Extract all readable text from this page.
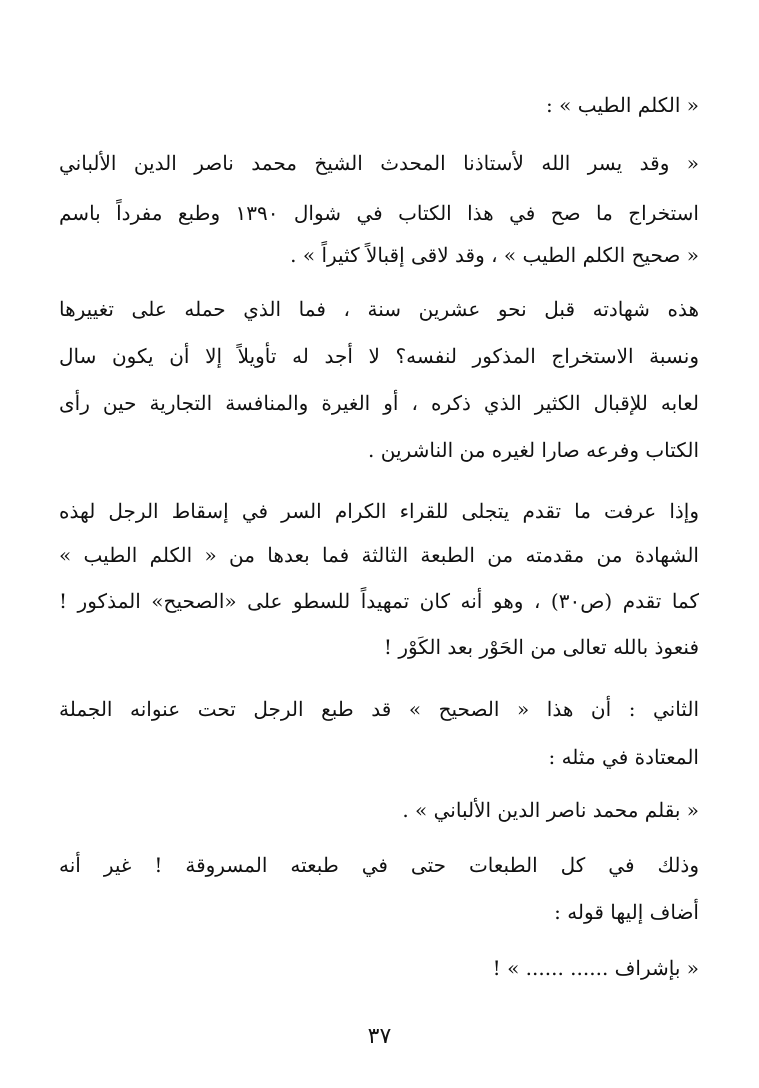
« الكلم الطيب » :
« وقد يسر الله لأستاذنا المحدث الشيخ محمد ناصر الدين الألباني
استخراج ما صح في هذا الكتاب في شوال ١٣٩٠ وطبع مفرداً باسم
« صحيح الكلم الطيب » ، وقد لاقى إقبالاً كثيراً » .
هذه شهادته قبل نحو عشرين سنة ، فما الذي حمله على تغييرها
ونسبة الاستخراج المذكور لنفسه؟ لا أجد له تأويلاً إلا أن يكون سال
لعابه للإقبال الكثير الذي ذكره ، أو الغيرة والمنافسة التجارية حين رأى
الكتاب وفرعه صارا لغيره من الناشرين .
وإذا عرفت ما تقدم يتجلى للقراء الكرام السر في إسقاط الرجل لهذه
الشهادة من مقدمته من الطبعة الثالثة فما بعدها من « الكلم الطيب »
كما تقدم (ص٣٠) ، وهو أنه كان تمهيداً للسطو على «الصحيح» المذكور !
فنعوذ بالله تعالى من الحَوْر بعد الكَوْر !
الثاني : أن هذا « الصحيح » قد طبع الرجل تحت عنوانه الجملة
المعتادة في مثله :
« بقلم محمد ناصر الدين الألباني » .
وذلك في كل الطبعات حتى في طبعته المسروقة ! غير أنه
أضاف إليها قوله :
« بإشراف ...... ...... » !
٣٧
